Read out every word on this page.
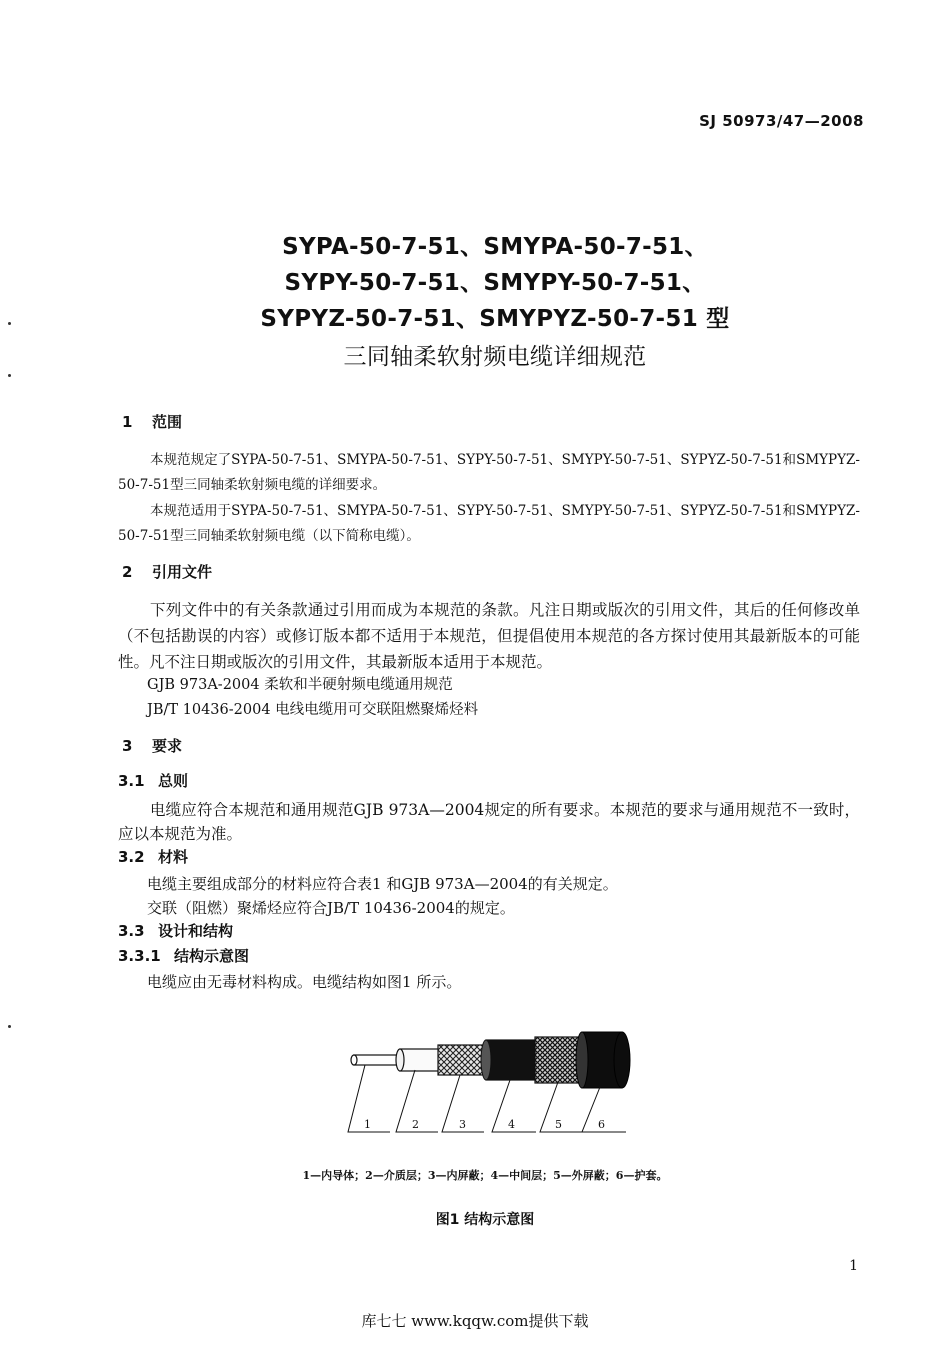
SJ 50973/47—2008
SYPA-50-7-51、SMYPA-50-7-51、
SYPY-50-7-51、SMYPY-50-7-51、
SYPYZ-50-7-51、SMYPYZ-50-7-51 型
三同轴柔软射频电缆详细规范
1 范围
本规范规定了SYPA-50-7-51、SMYPA-50-7-51、SYPY-50-7-51、SMYPY-50-7-51、SYPYZ-50-7-51和SMYPYZ-50-7-51型三同轴柔软射频电缆的详细要求。
本规范适用于SYPA-50-7-51、SMYPA-50-7-51、SYPY-50-7-51、SMYPY-50-7-51、SYPYZ-50-7-51和SMYPYZ-50-7-51型三同轴柔软射频电缆（以下简称电缆）。
2 引用文件
下列文件中的有关条款通过引用而成为本规范的条款。凡注日期或版次的引用文件，其后的任何修改单（不包括勘误的内容）或修订版本都不适用于本规范，但提倡使用本规范的各方探讨使用其最新版本的可能性。凡不注日期或版次的引用文件，其最新版本适用于本规范。
GJB 973A-2004 柔软和半硬射频电缆通用规范
JB/T 10436-2004 电线电缆用可交联阻燃聚烯烃料
3 要求
3.1 总则
电缆应符合本规范和通用规范GJB 973A—2004规定的所有要求。本规范的要求与通用规范不一致时，应以本规范为准。
3.2 材料
电缆主要组成部分的材料应符合表1 和GJB 973A—2004的有关规定。
交联（阻燃）聚烯烃应符合JB/T 10436-2004的规定。
3.3 设计和结构
3.3.1 结构示意图
电缆应由无毒材料构成。电缆结构如图1 所示。
1	2	3	4	5	6
1—内导体；2—介质层；3—内屏蔽；4—中间层；5—外屏蔽；6—护套。
图1 结构示意图
1
库七七 www.kqqw.com提供下载
